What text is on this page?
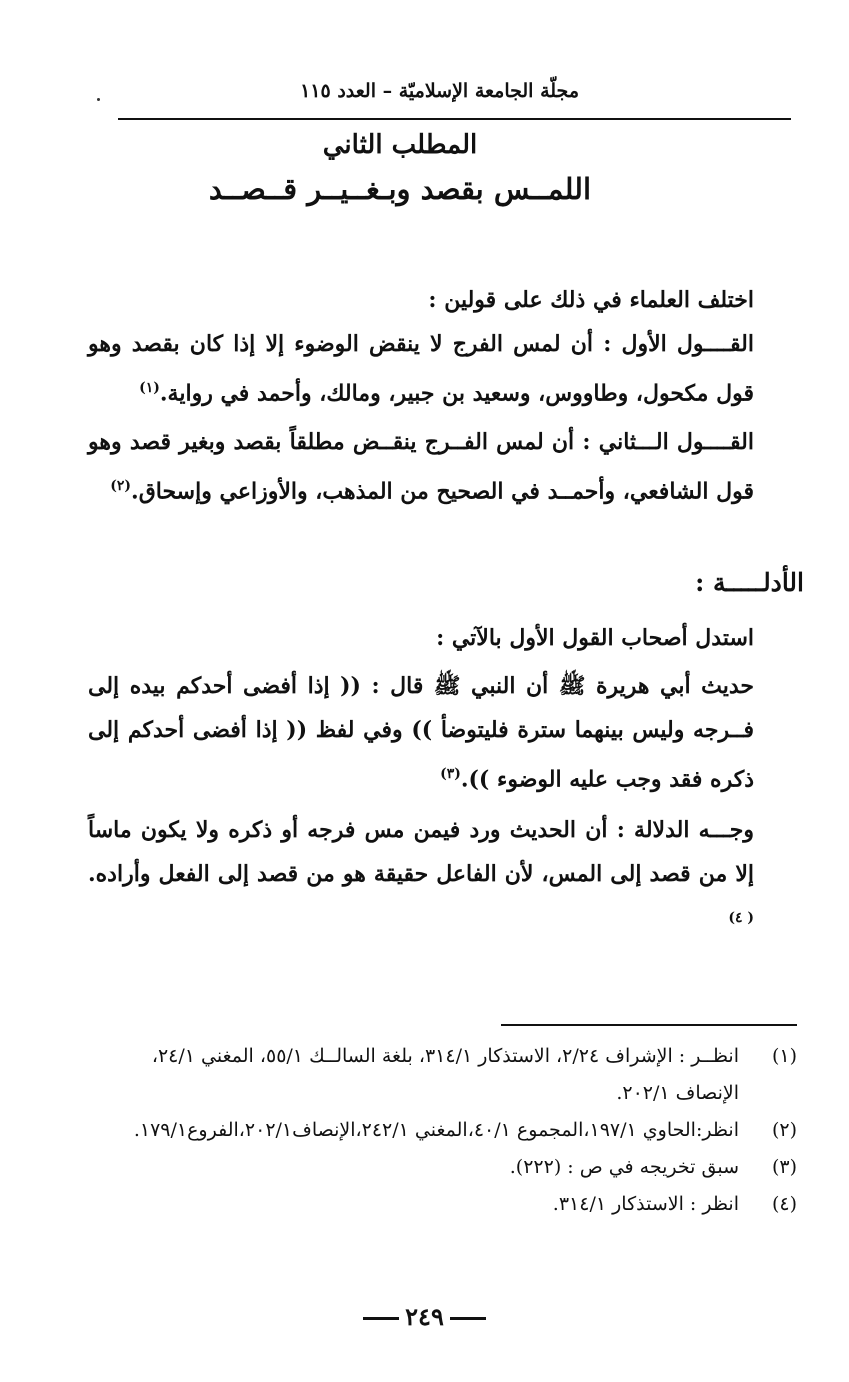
مجلّة الجامعة الإسلاميّة – العدد ١١٥
المطلب الثاني
اللمــس بقصد وبـغــيــر قــصــد

اختلف العلماء في ذلك على قولين :

القــــول الأول : أن لمس الفرج لا ينقض الوضوء إلا إذا كان بقصد وهو قول مكحول، وطاووس، وسعيد بن جبير، ومالك، وأحمد في رواية.$^{(١)}$

القــــول الـــثاني : أن لمس الفــرج ينقــض مطلقاً بقصد وبغير قصد وهو قول الشافعي، وأحمــد في الصحيح من المذهب، والأوزاعي وإسحاق.$^{(٢)}$

الأدلـــــة :

استدل أصحاب القول الأول بالآتي :

حديث أبي هريرة ﷺ أن النبي ﷺ قال : (( إذا أفضى أحدكم بيده إلى فــرجه وليس بينهما سترة فليتوضأ )) وفي لفظ (( إذا أفضى أحدكم إلى ذكره فقد وجب عليه الوضوء )).$^{(٣)}$

وجـــه الدلالة : أن الحديث ورد فيمن مس فرجه أو ذكره ولا يكون ماساً إلا من قصد إلى المس، لأن الفاعل حقيقة هو من قصد إلى الفعل وأراده.$^{( ٤)}$

(١)
انظــر : الإشراف ٢/٢٤، الاستذكار ٣١٤/١، بلغة السالــك ٥٥/١، المغني ٢٤/١، الإنصاف ٢٠٢/١.
(٢)
انظر:الحاوي ١٩٧/١،المجموع ٤٠/١،المغني ٢٤٢/١،الإنصاف٢٠٢/١،الفروع١٧٩/١.
(٣)
سبق تخريجه في ص : (٢٢٢).
(٤)
انظر : الاستذكار ٣١٤/١.
٢٤٩
